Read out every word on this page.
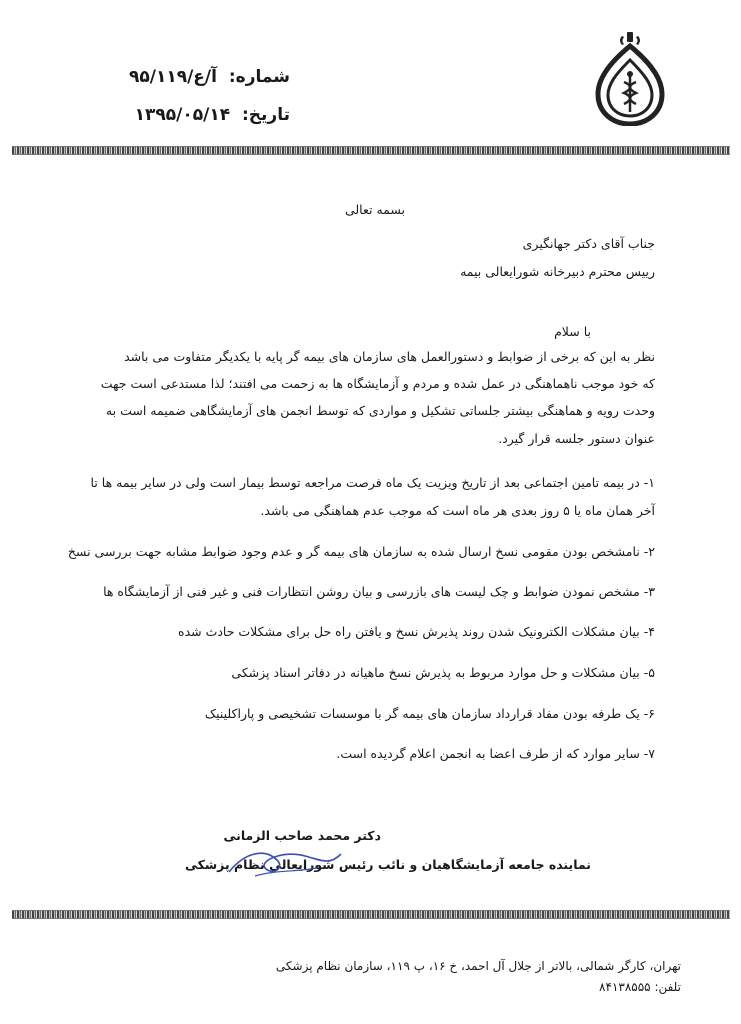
شماره: آ/ع/۹۵/۱۱۹
تاریخ: ۱۳۹۵/۰۵/۱۴
بسمه تعالی
جناب آقای دکتر جهانگیری
رییس محترم دبیرخانه شورایعالی بیمه
با سلام
نظر به این که برخی از ضوابط و دستورالعمل های سازمان های بیمه گر پایه با یکدیگر متفاوت می باشد
که خود موجب ناهماهنگی در عمل شده و مردم و آزمایشگاه ها به زحمت می افتند؛ لذا مستدعی است جهت
وحدت رویه و هماهنگی بیشتر جلساتی تشکیل و مواردی که توسط انجمن های آزمایشگاهی ضمیمه است به
عنوان دستور جلسه قرار گیرد.
۱- در بیمه تامین اجتماعی بعد از تاریخ ویزیت یک ماه فرصت مراجعه توسط بیمار است ولی در سایر بیمه ها تا
آخر همان ماه یا ۵ روز بعدی هر ماه است که موجب عدم هماهنگی می باشد.
۲- نامشخص بودن مقومی نسخ ارسال شده به سازمان های بیمه گر و عدم وجود ضوابط مشابه جهت بررسی نسخ
۳- مشخص نمودن ضوابط و چک لیست های بازرسی و بیان روشن انتظارات فنی و غیر فنی از آزمایشگاه ها
۴- بیان مشکلات الکترونیک شدن روند پذیرش نسخ و یافتن راه حل برای مشکلات حادث شده
۵- بیان مشکلات و حل موارد مربوط به پذیرش نسخ ماهیانه در دفاتر اسناد پزشکی
۶- یک طرفه بودن مفاد قرارداد سازمان های بیمه گر با موسسات تشخیصی و پاراکلینیک
۷- سایر موارد که از طرف اعضا به انجمن اعلام گردیده است.
دکتر محمد صاحب الزمانی
نماینده جامعه آزمایشگاهیان و نائب رئیس شورایعالی نظام پزشکی
تهران، کارگر شمالی، بالاتر از جلال آل احمد، خ ۱۶، پ ۱۱۹، سازمان نظام پزشکی
تلفن: ۸۴۱۳۸۵۵۵
